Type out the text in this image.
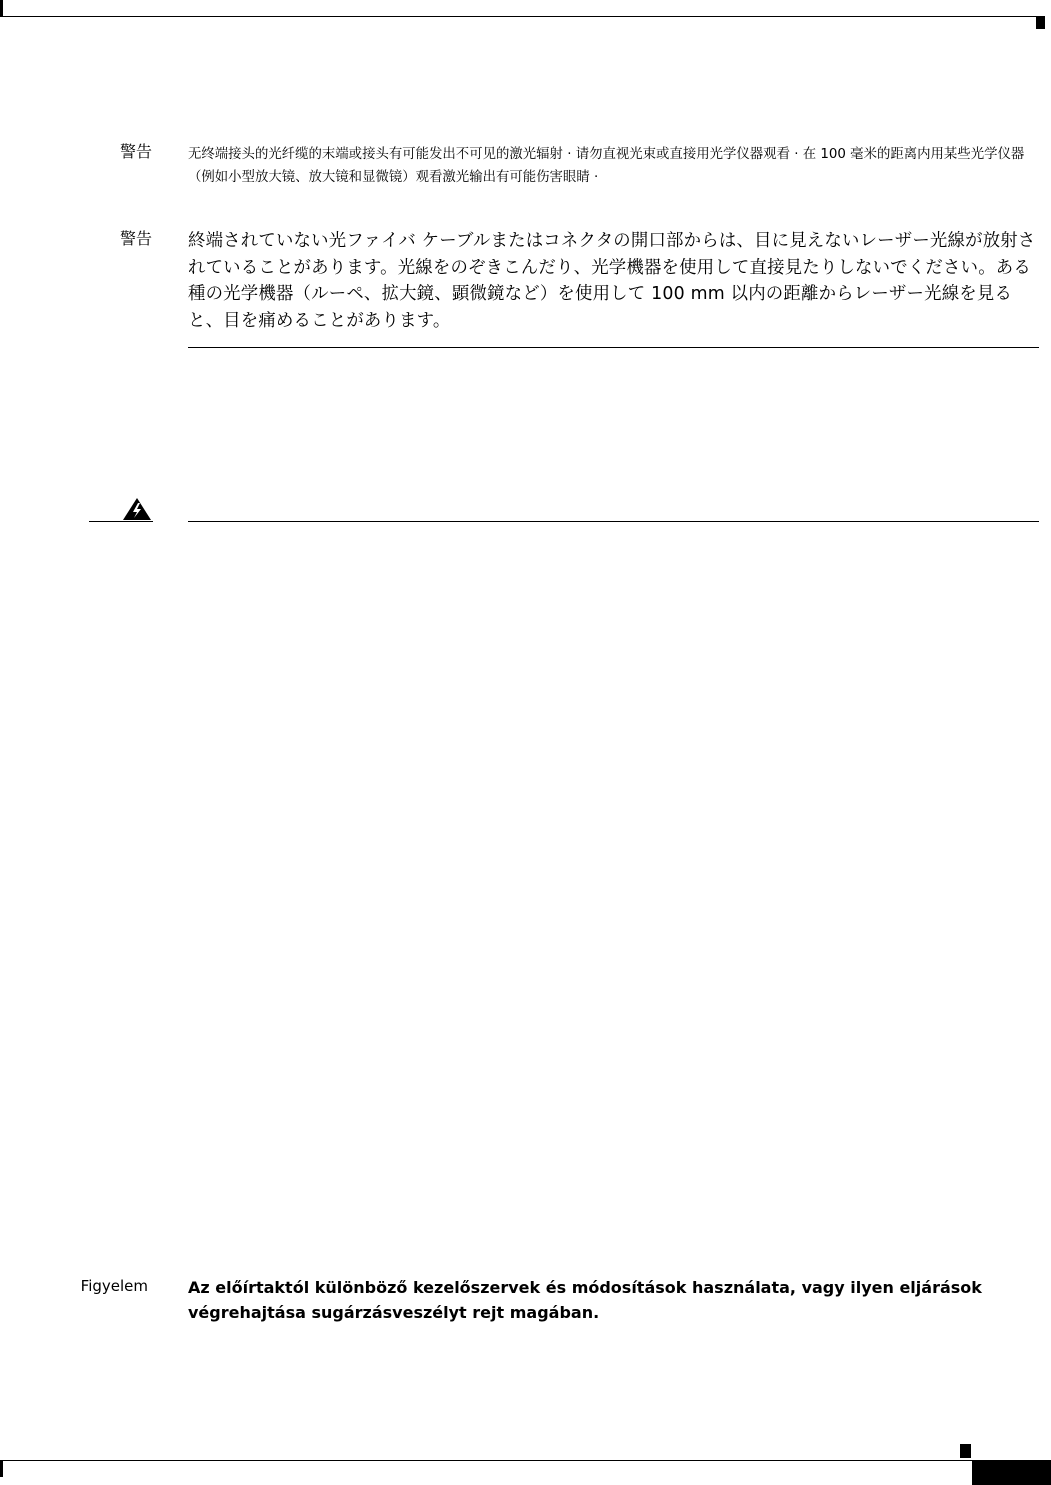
警告	无终端接头的光纤缆的末端或接头有可能发出不可见的激光辐射 · 请勿直视光束或直接用光学仪器观看 · 在 100 毫米的距离内用某些光学仪器（例如小型放大镜、放大镜和显微镜）观看激光输出有可能伤害眼睛 ·
警告 終端されていない光ファイバ ケーブルまたはコネクタの開口部からは、目に見えないレーザー光線が放射されていることがあります。光線をのぞきこんだり、光学機器を使用して直接見たりしないでください。ある種の光学機器（ルーペ、拡大鏡、顕微鏡など）を使用して 100 mm 以内の距離からレーザー光線を見ると、目を痛めることがあります。
Figyelem	Az előírtaktól különböző kezelőszervek és módosítások használata, vagy ilyen eljárások végrehajtása sugárzásveszélyt rejt magában.
